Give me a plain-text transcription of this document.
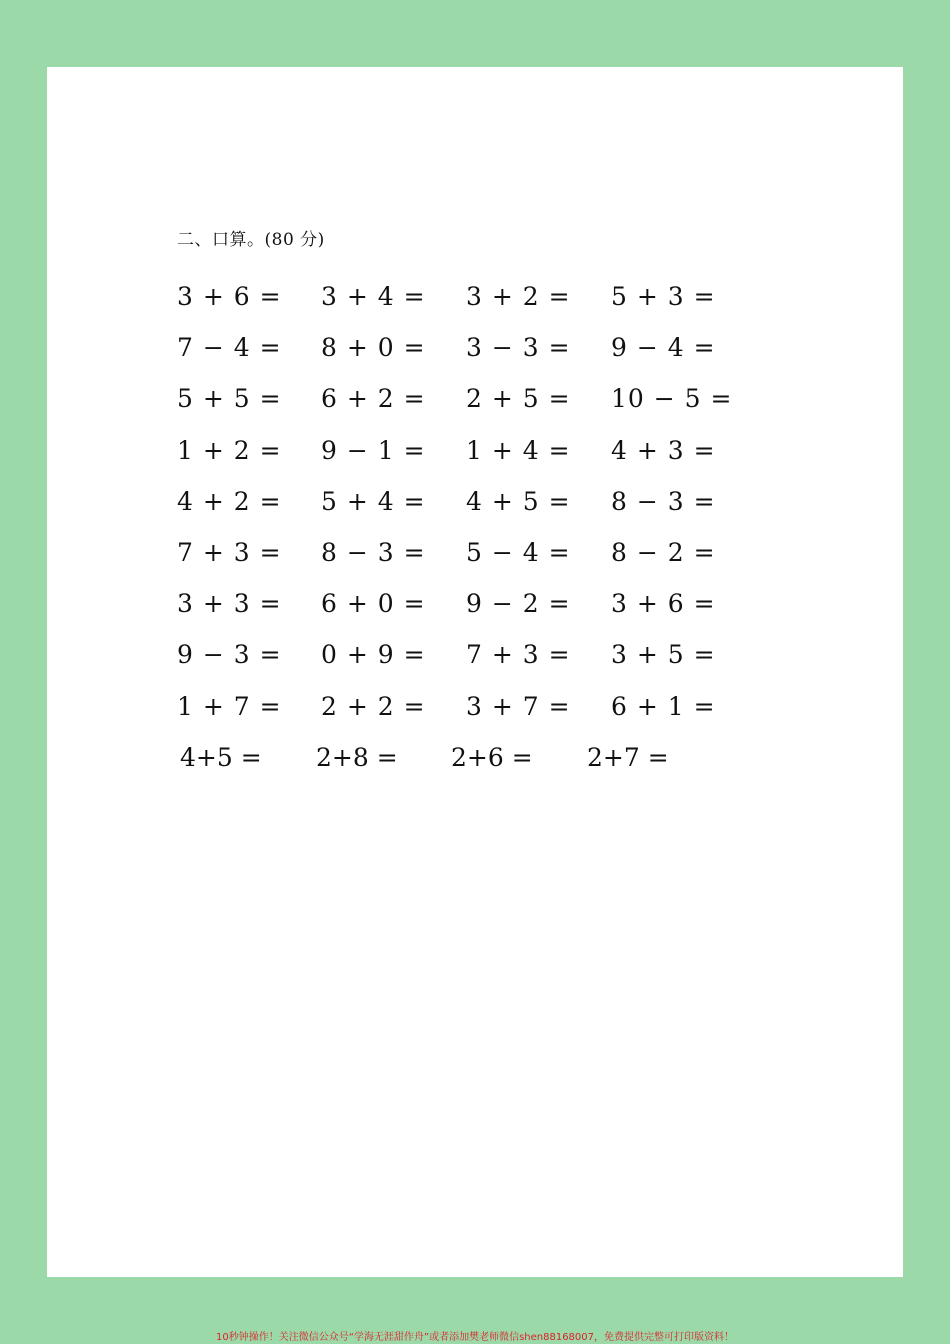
二、口算。(80 分)
3 + 6 = 3 + 4 = 3 + 2 = 5 + 3 =
7 − 4 = 8 + 0 = 3 − 3 = 9 − 4 =
5 + 5 = 6 + 2 = 2 + 5 = 10 − 5 =
1 + 2 = 9 − 1 = 1 + 4 = 4 + 3 =
4 + 2 = 5 + 4 = 4 + 5 = 8 − 3 =
7 + 3 = 8 − 3 = 5 − 4 = 8 − 2 =
3 + 3 = 6 + 0 = 9 − 2 = 3 + 6 =
9 − 3 = 0 + 9 = 7 + 3 = 3 + 5 =
1 + 7 = 2 + 2 = 3 + 7 = 6 + 1 =
4+5 = 2+8 = 2+6 = 2+7 =
10秒钟操作！关注微信公众号“学海无涯甜作舟”或者添加樊老师微信shen88168007，免费提供完整可打印版资料！
